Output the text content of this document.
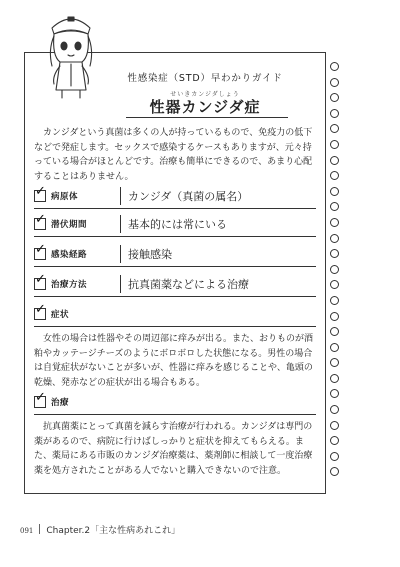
性感染症（STD）早わかりガイド
せいきカンジダしょう
性器カンジダ症
カンジダという真菌は多くの人が持っているもので、免疫力の低下などで発症します。セックスで感染するケースもありますが、元々持っている場合がほとんどです。治療も簡単にできるので、あまり心配することはありません。
✓ 病原体	カンジダ（真菌の属名）
✓ 潜伏期間	基本的には常にいる
✓ 感染経路	接触感染
✓ 治療方法	抗真菌薬などによる治療
✓ 症状
女性の場合は性器やその周辺部に痒みが出る。また、おりものが酒粕やカッテージチーズのようにボロボロした状態になる。男性の場合は自覚症状がないことが多いが、性器に痒みを感じることや、亀頭の乾燥、発赤などの症状が出る場合もある。
✓ 治療
抗真菌薬にとって真菌を減らす治療が行われる。カンジダは専門の薬があるので、病院に行けばしっかりと症状を抑えてもらえる。また、薬局にある市販のカンジダ治療薬は、薬剤師に相談して一度治療薬を処方されたことがある人でないと購入できないので注意。
091 Chapter.2「主な性病あれこれ」
